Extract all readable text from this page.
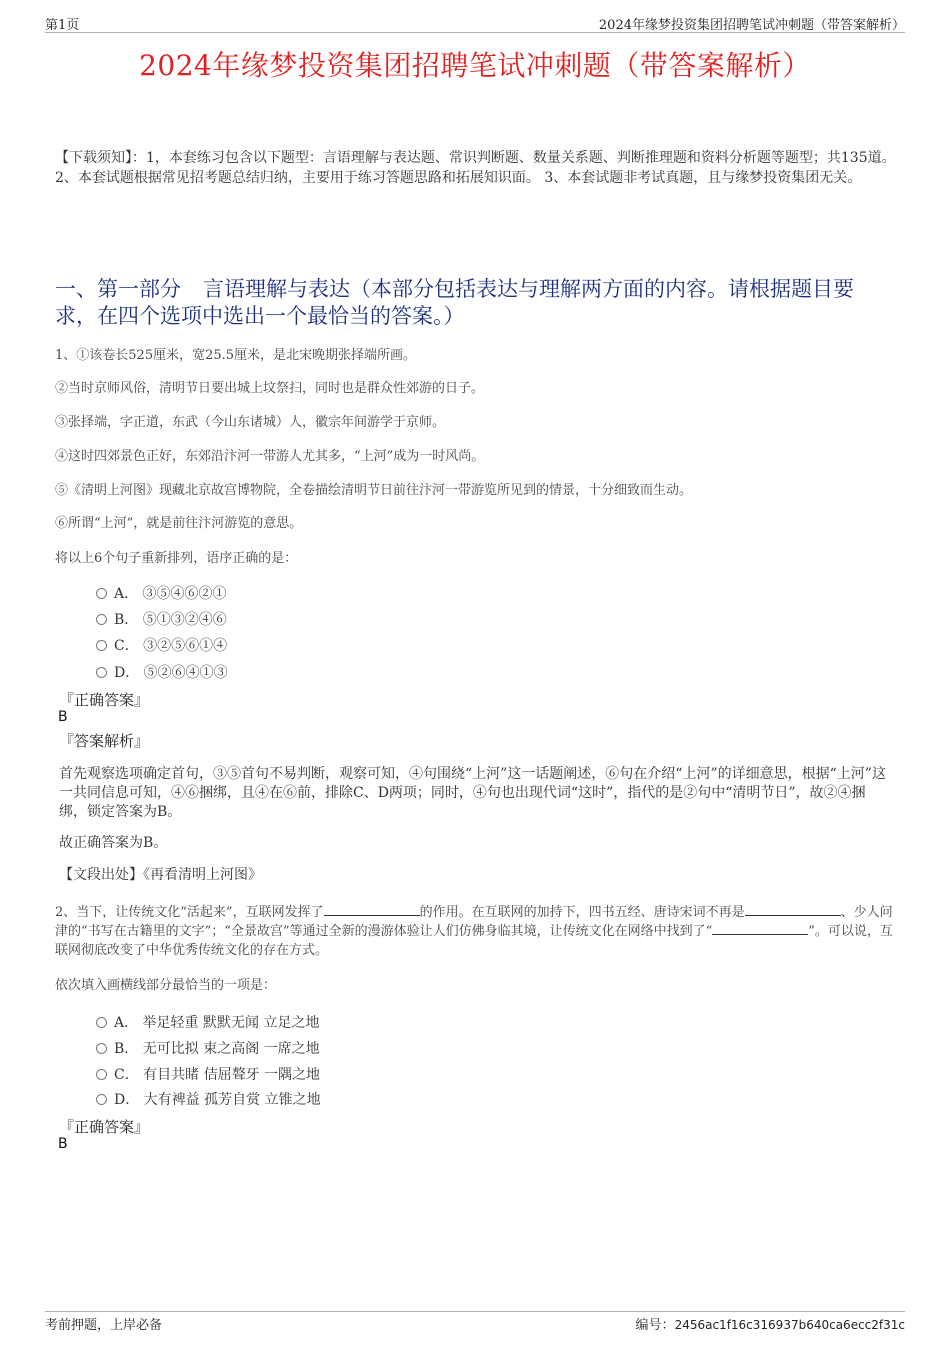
第1页	2024年缘梦投资集团招聘笔试冲刺题（带答案解析）
2024年缘梦投资集团招聘笔试冲刺题（带答案解析）
【下载须知】：1，本套练习包含以下题型：言语理解与表达题、常识判断题、数量关系题、判断推理题和资料分析题等题型；共135道。 2、本套试题根据常见招考题总结归纳，主要用于练习答题思路和拓展知识面。 3、本套试题非考试真题，且与缘梦投资集团无关。
一、第一部分 言语理解与表达（本部分包括表达与理解两方面的内容。请根据题目要求，在四个选项中选出一个最恰当的答案。）
1、①该卷长525厘米，宽25.5厘米，是北宋晚期张择端所画。
②当时京师风俗，清明节日要出城上坟祭扫，同时也是群众性郊游的日子。
③张择端，字正道，东武（今山东诸城）人，徽宗年间游学于京师。
④这时四郊景色正好，东郊沿汴河一带游人尤其多，“上河”成为一时风尚。
⑤《清明上河图》现藏北京故宫博物院，全卷描绘清明节日前往汴河一带游览所见到的情景，十分细致而生动。
⑥所谓“上河”，就是前往汴河游览的意思。
将以上6个句子重新排列，语序正确的是：
A． ③⑤④⑥②①
B． ⑤①③②④⑥
C． ③②⑤⑥①④
D． ⑤②⑥④①③
『正确答案』
B
『答案解析』
首先观察选项确定首句，③⑤首句不易判断，观察可知，④句围绕“上河”这一话题阐述，⑥句在介绍“上河”的详细意思，根据“上河”这一共同信息可知，④⑥捆绑，且④在⑥前，排除C、D两项；同时，④句也出现代词“这时”，指代的是②句中“清明节日”，故②④捆绑，锁定答案为B。
故正确答案为B。
【文段出处】《再看清明上河图》
2、当下，让传统文化“活起来”，互联网发挥了	的作用。在互联网的加持下，四书五经、唐诗宋词不再是	、少人问津的“书写在古籍里的文字”；“全景故宫”等通过全新的漫游体验让人们仿佛身临其境，让传统文化在网络中找到了“	”。可以说，互联网彻底改变了中华优秀传统文化的存在方式。
依次填入画横线部分最恰当的一项是：
A． 举足轻重 默默无闻 立足之地
B． 无可比拟 束之高阁 一席之地
C． 有目共睹 佶屈聱牙 一隅之地
D． 大有裨益 孤芳自赏 立锥之地
『正确答案』
B
考前押题，上岸必备	编号：2456ac1f16c316937b640ca6ecc2f31c
